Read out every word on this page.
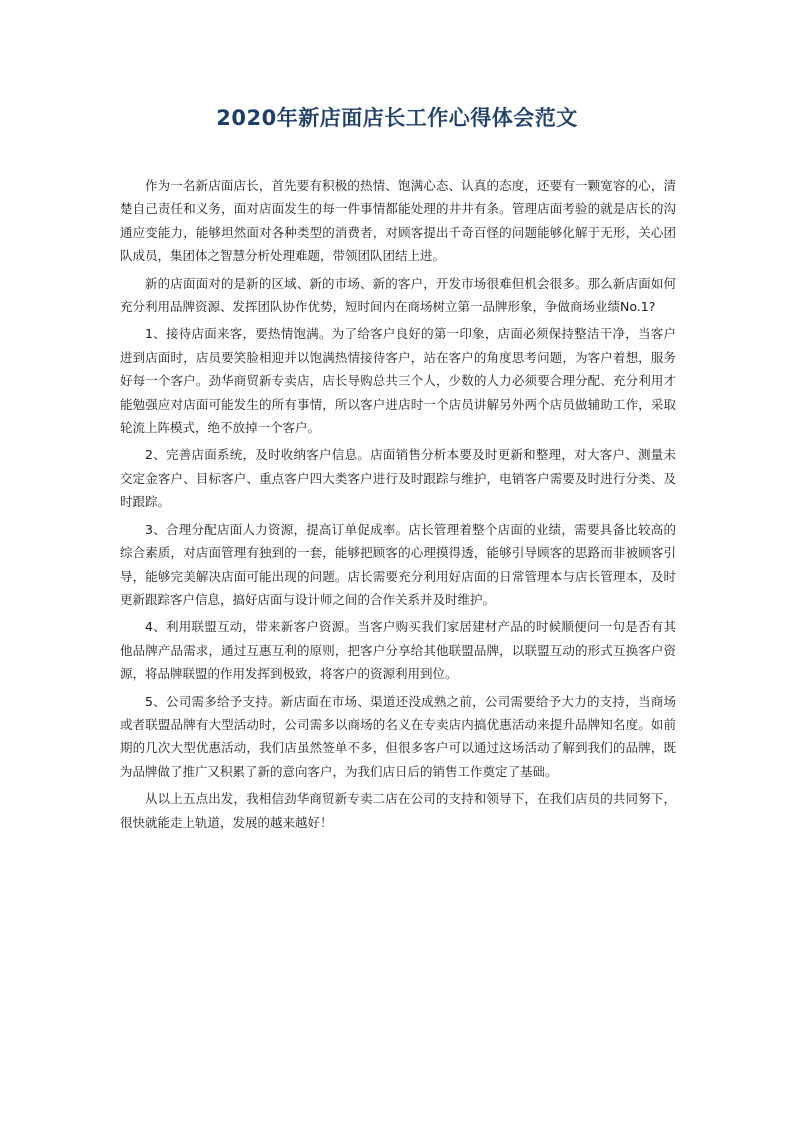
2020年新店面店长工作心得体会范文

作为一名新店面店长，首先要有积极的热情、饱满心态、认真的态度，还要有一颗宽容的心，清楚自己责任和义务，面对店面发生的每一件事情都能处理的井井有条。管理店面考验的就是店长的沟通应变能力，能够坦然面对各种类型的消费者，对顾客提出千奇百怪的问题能够化解于无形，关心团队成员，集团体之智慧分析处理难题，带领团队团结上进。

新的店面面对的是新的区域、新的市场、新的客户，开发市场很难但机会很多。那么新店面如何充分利用品牌资源、发挥团队协作优势，短时间内在商场树立第一品牌形象，争做商场业绩No.1?

1、接待店面来客，要热情饱满。为了给客户良好的第一印象，店面必须保持整洁干净，当客户进到店面时，店员要笑脸相迎并以饱满热情接待客户，站在客户的角度思考问题，为客户着想，服务好每一个客户。劲华商贸新专卖店，店长导购总共三个人，少数的人力必须要合理分配、充分利用才能勉强应对店面可能发生的所有事情，所以客户进店时一个店员讲解另外两个店员做辅助工作，采取轮流上阵模式，绝不放掉一个客户。

2、完善店面系统，及时收纳客户信息。店面销售分析本要及时更新和整理，对大客户、测量未交定金客户、目标客户、重点客户四大类客户进行及时跟踪与维护，电销客户需要及时进行分类、及时跟踪。

3、合理分配店面人力资源，提高订单促成率。店长管理着整个店面的业绩，需要具备比较高的综合素质，对店面管理有独到的一套，能够把顾客的心理摸得透，能够引导顾客的思路而非被顾客引导，能够完美解决店面可能出现的问题。店长需要充分利用好店面的日常管理本与店长管理本，及时更新跟踪客户信息，搞好店面与设计师之间的合作关系并及时维护。

4、利用联盟互动，带来新客户资源。当客户购买我们家居建材产品的时候顺便问一句是否有其他品牌产品需求，通过互惠互利的原则，把客户分享给其他联盟品牌，以联盟互动的形式互换客户资源，将品牌联盟的作用发挥到极致，将客户的资源利用到位。

5、公司需多给予支持。新店面在市场、渠道还没成熟之前，公司需要给予大力的支持，当商场或者联盟品牌有大型活动时，公司需多以商场的名义在专卖店内搞优惠活动来提升品牌知名度。如前期的几次大型优惠活动，我们店虽然签单不多，但很多客户可以通过这场活动了解到我们的品牌，既为品牌做了推广又积累了新的意向客户，为我们店日后的销售工作奠定了基础。

从以上五点出发，我相信劲华商贸新专卖二店在公司的支持和领导下，在我们店员的共同努下，很快就能走上轨道，发展的越来越好！
